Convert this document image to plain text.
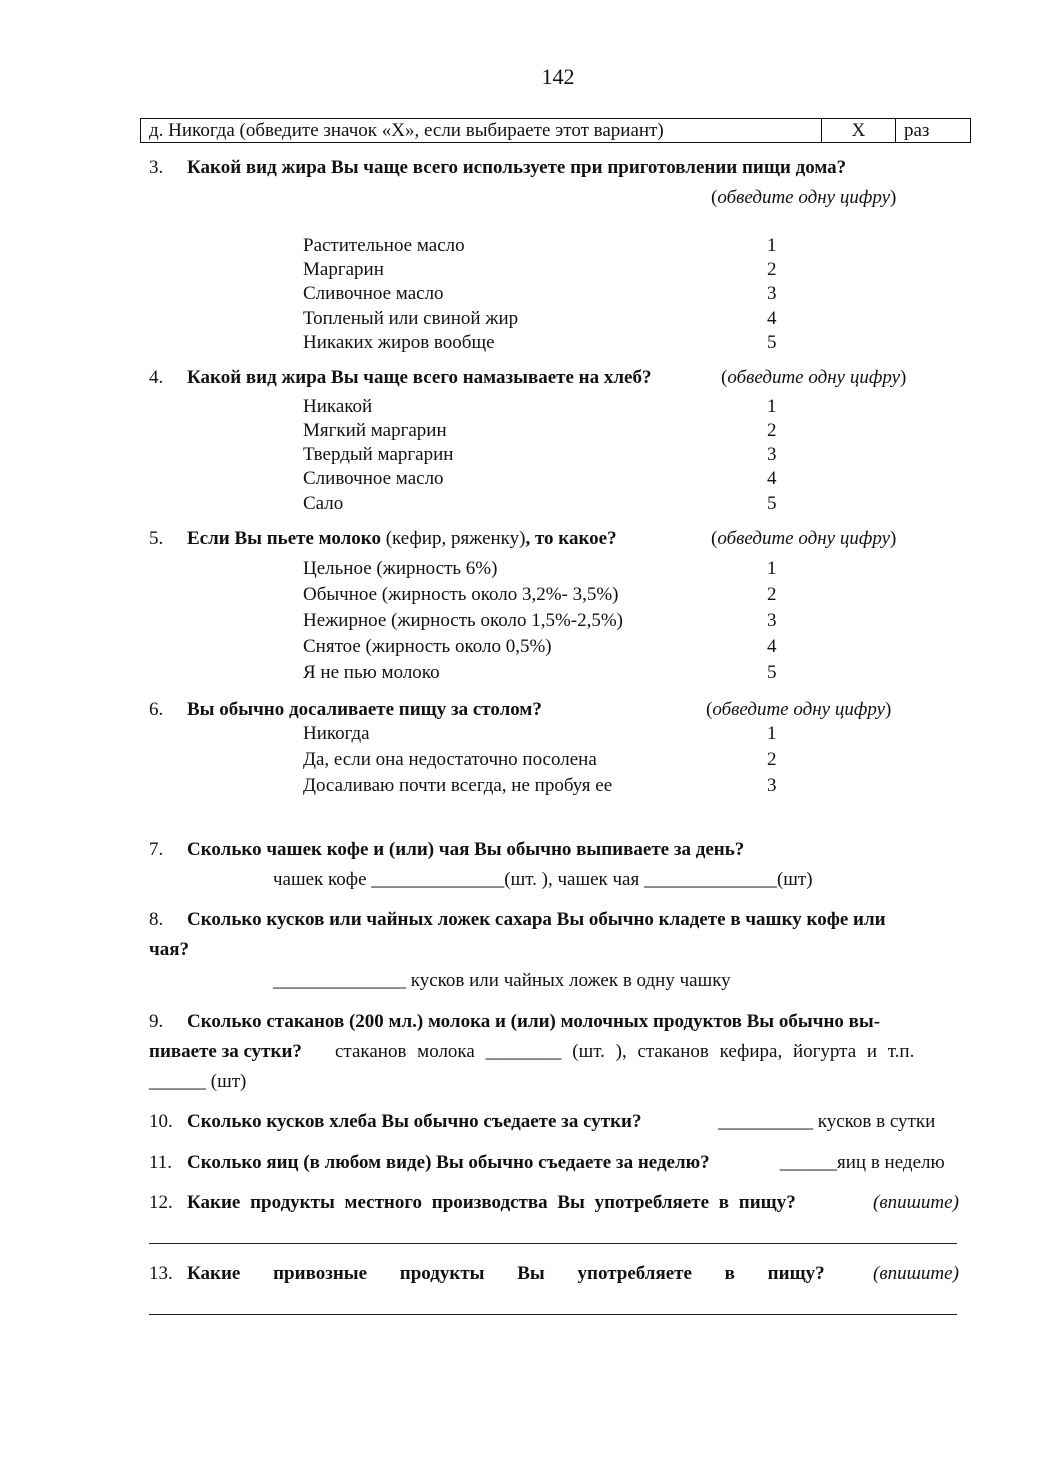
142
д. Никогда (обведите значок «X», если выбираете этот вариант)	X	раз
3. Какой вид жира Вы чаще всего используете при приготовлении пищи дома?
(обведите одну цифру)
Растительное масло	1
Маргарин	2
Сливочное масло	3
Топленый или свиной жир	4
Никаких жиров вообще	5
4. Какой вид жира Вы чаще всего намазываете на хлеб?	(обведите одну цифру)
Никакой	1
Мягкий маргарин	2
Твердый маргарин	3
Сливочное масло	4
Сало	5
5. Если Вы пьете молоко (кефир, ряженку), то какое?	(обведите одну цифру)
Цельное (жирность 6%)	1
Обычное (жирность около 3,2%- 3,5%)	2
Нежирное (жирность около 1,5%-2,5%)	3
Снятое (жирность около 0,5%)	4
Я не пью молоко	5
6. Вы обычно досаливаете пищу за столом?	(обведите одну цифру)
Никогда	1
Да, если она недостаточно посолена	2
Досаливаю почти всегда, не пробуя ее	3
7. Сколько чашек кофе и (или) чая Вы обычно выпиваете за день?
чашек кофе ______________(шт. ), чашек чая ______________(шт)
8. Сколько кусков или чайных ложек сахара Вы обычно кладете в чашку кофе или
чая?
______________ кусков или чайных ложек в одну чашку
9. Сколько стаканов (200 мл.) молока и (или) молочных продуктов Вы обычно вы-
пиваете за сутки? стаканов молока ________ (шт. ), стаканов кефира, йогурта и т.п.
______ (шт)
10. Сколько кусков хлеба Вы обычно съедаете за сутки?	__________ кусков в сутки
11. Сколько яиц (в любом виде) Вы обычно съедаете за неделю?	______яиц в неделю
12. Какие продукты местного производства Вы употребляете в пищу?	(впишите)
13. Какие привозные продукты Вы употребляете в пищу?	(впишите)
